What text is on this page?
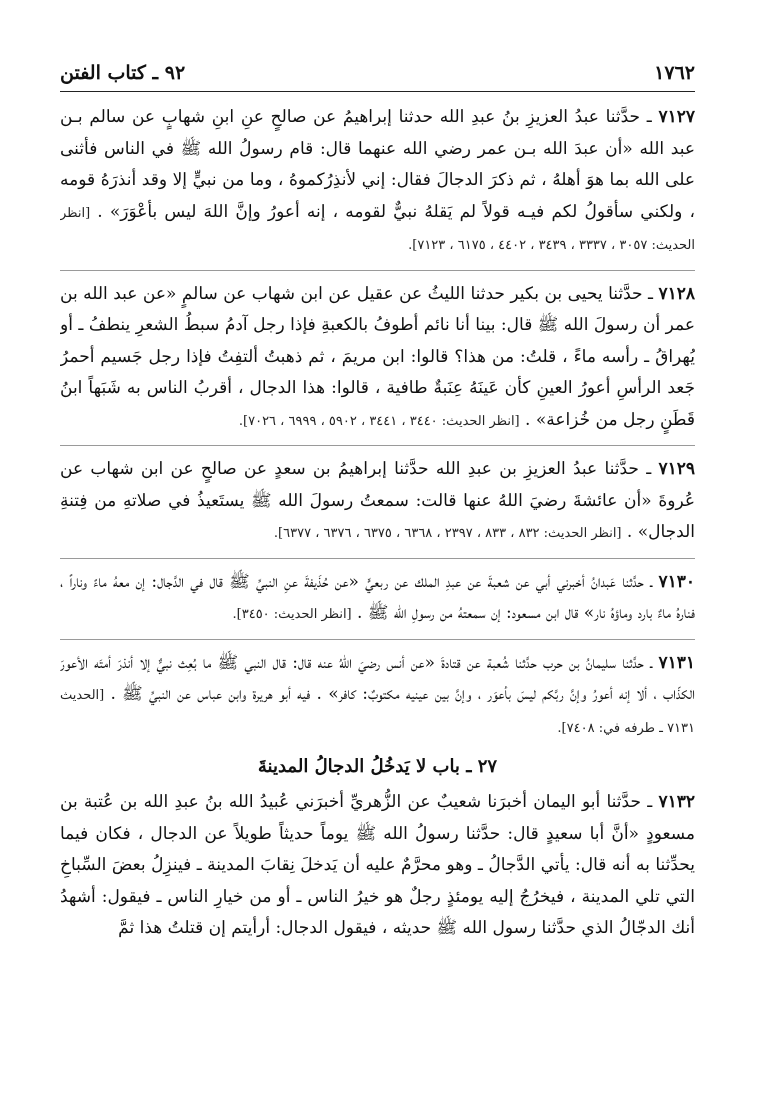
١٧٦٢
٩٢ ـ كتاب الفتن

٧١٢٧ ـ حدَّثنا عبدُ العزيزِ بنُ عبدِ الله حدثنا إبراهيمُ عن صالحٍ عنِ ابنِ شهابٍ عن سالم بـن عبد الله «أن عبدَ الله بـن عمر رضي الله عنهما قال: قام رسولُ الله ﷺ في الناس فأثنى على الله بما هوَ أهلهُ ، ثم ذكرَ الدجالَ فقال: إني لأنذِرُكموهُ ، وما من نبيٍّ إلا وقد أنذرَهُ قومه ، ولكني سأقولُ لكم فيـه قولاً لم يَقلهُ نبيٌّ لقومه ، إنه أعورُ وإنَّ اللهَ ليس بأعْوَرَ» . [انظر الحديث: ٣٠٥٧ ، ٣٣٣٧ ، ٣٤٣٩ ، ٤٤٠٢ ، ٦١٧٥ ، ٧١٢٣].

٧١٢٨ ـ حدَّثنا يحيى بن بكير حدثنا الليثُ عن عقيل عن ابن شهاب عن سالمٍ «عن عبد الله بن عمر أن رسولَ الله ﷺ قال: بينا أنا نائم أطوفُ بالكعبةِ فإذا رجل آدمُ سبطُ الشعرِ ينطفُ ـ أو يُهراقُ ـ رأسه ماءً ، قلتُ: من هذا؟ قالوا: ابن مريمَ ، ثم ذهبتُ ألتفِتُ فإذا رجل جَسيم أحمرُ جَعد الرأسِ أعورُ العينِ كأن عَينَهُ عِنَبةٌ طافية ، قالوا: هذا الدجال ، أقربُ الناس به شَبَهاً ابنُ قَطَنٍ رجل من خُزاعة» . [انظر الحديث: ٣٤٤٠ ، ٣٤٤١ ، ٥٩٠٢ ، ٦٩٩٩ ، ٧٠٢٦].

٧١٢٩ ـ حدَّثنا عبدُ العزيزِ بن عبدِ الله حدَّثنا إبراهيمُ بن سعدٍ عن صالحٍ عن ابن شهاب عن عُروةَ «أن عائشةَ رضيَ اللهُ عنها قالت: سمعتُ رسولَ الله ﷺ يستَعيذُ في صلاتهِ من فِتنةِ الدجال» . [انظر الحديث: ٨٣٢ ، ٨٣٣ ، ٢٣٩٧ ، ٦٣٦٨ ، ٦٣٧٥ ، ٦٣٧٦ ، ٦٣٧٧].

٧١٣٠ ـ حدَّثنا عَبدانُ أخبرني أبي عن شعبةَ عن عبدِ الملك عن ربعيٍّ «عن حُذَيفةَ عنِ النبيِّ ﷺ قال في الدَّجال: إن معهُ ماءً وناراً ، فنارهُ ماءٌ بارد وماؤهُ نار» قال ابن مسعود: إن سمعتهُ من رسولِ الله ﷺ . [انظر الحديث: ٣٤٥٠].

٧١٣١ ـ حدَّثنا سليمانُ بن حرب حدَّثنا شُعبة عن قتادةَ «عن أنس رضيَ اللهُ عنه قال: قال النبي ﷺ ما بُعِث نبيٌّ إلا أنذرَ أمتَه الأعورَ الكذّاب ، ألا إنه أعورُ وإنَّ ربَّكم ليسَ بأعوَر ، وإنَّ بين عينيه مكتوبٌ: كافر» . فيه أبو هريرة وابن عباس عن النبيِّ ﷺ . [الحديث ٧١٣١ ـ طرفه في: ٧٤٠٨].

٢٧ ـ باب لا يَدخُلُ الدجالُ المدينةَ

٧١٣٢ ـ حدَّثنا أبو اليمان أخبرَنا شعيبٌ عن الزُّهريِّ أخبرَني عُبيدُ الله بنُ عبدِ الله بن عُتبة بن مسعودٍ «أنَّ أبا سعيدٍ قال: حدَّثنا رسولُ الله ﷺ يوماً حديثاً طويلاً عن الدجال ، فكان فيما يحدِّثنا به أنه قال: يأتي الدَّجالُ ـ وهو محرَّمٌ عليه أن يَدخلَ نِقابَ المدينة ـ فينزِلُ بعضَ السِّباخِ التي تلي المدينة ، فيخرُجُ إليه يومئذٍ رجلٌ هو خيرُ الناس ـ أو من خيارِ الناس ـ فيقول: أشهدُ أنك الدجّالُ الذي حدَّثنا رسول الله ﷺ حديثه ، فيقول الدجال: أرأيتم إن قتلتُ هذا ثمَّ
